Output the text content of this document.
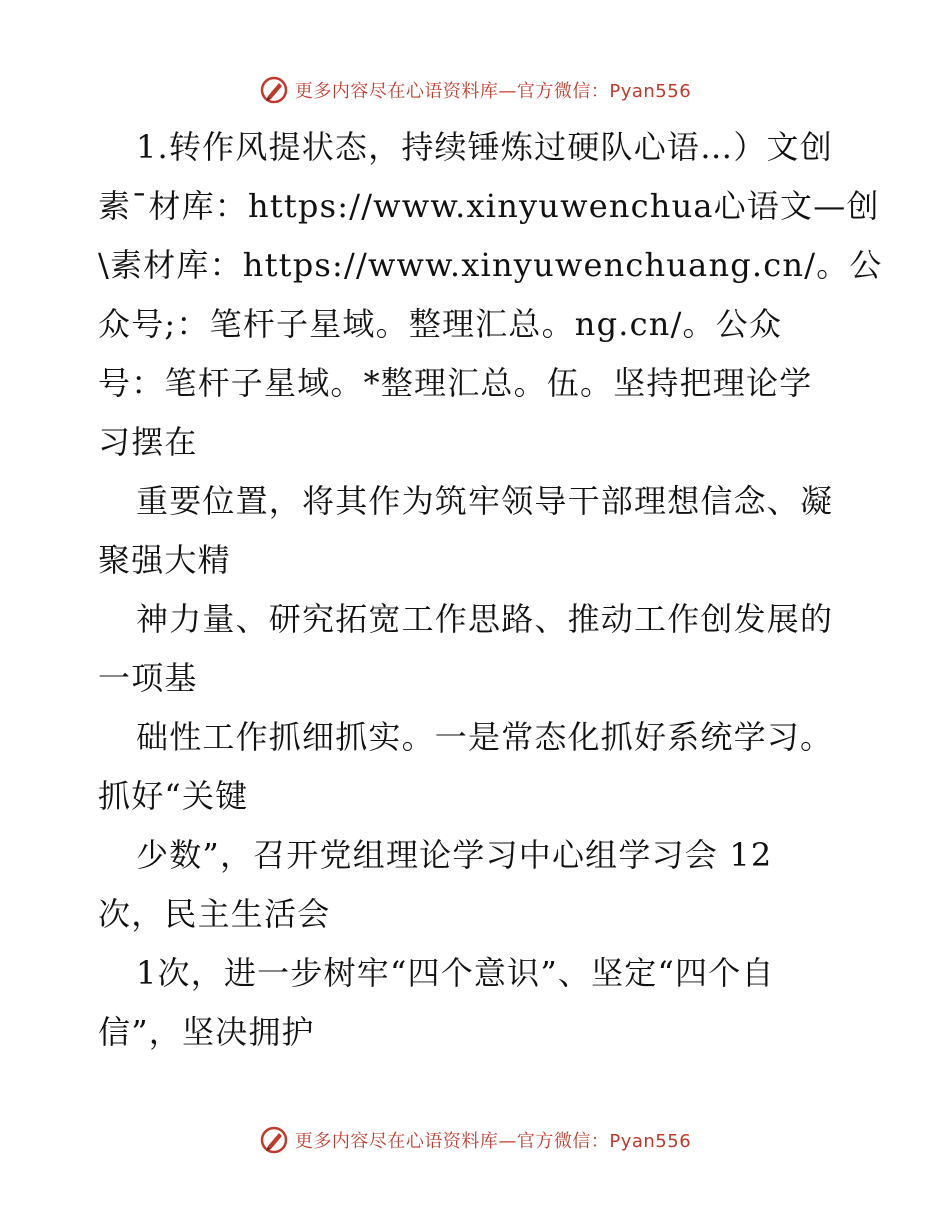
更多内容尽在心语资料库—官方微信：Pyan556
1.转作风提状态，持续锤炼过硬队心语…）文创
素¯材库：https://www.xinyuwenchua心语文—创
\素材库：https://www.xinyuwenchuang.cn/。公
众号;：笔杆子星域。整理汇总。ng.cn/。公众
号：笔杆子星域。*整理汇总。伍。坚持把理论学
习摆在
重要位置，将其作为筑牢领导干部理想信念、凝
聚强大精
神力量、研究拓宽工作思路、推动工作创发展的
一项基
础性工作抓细抓实。一是常态化抓好系统学习。
抓好“关键
少数”，召开党组理论学习中心组学习会 12
次，民主生活会
1次，进一步树牢“四个意识”、坚定“四个自
信”，坚决拥护
更多内容尽在心语资料库—官方微信：Pyan556
